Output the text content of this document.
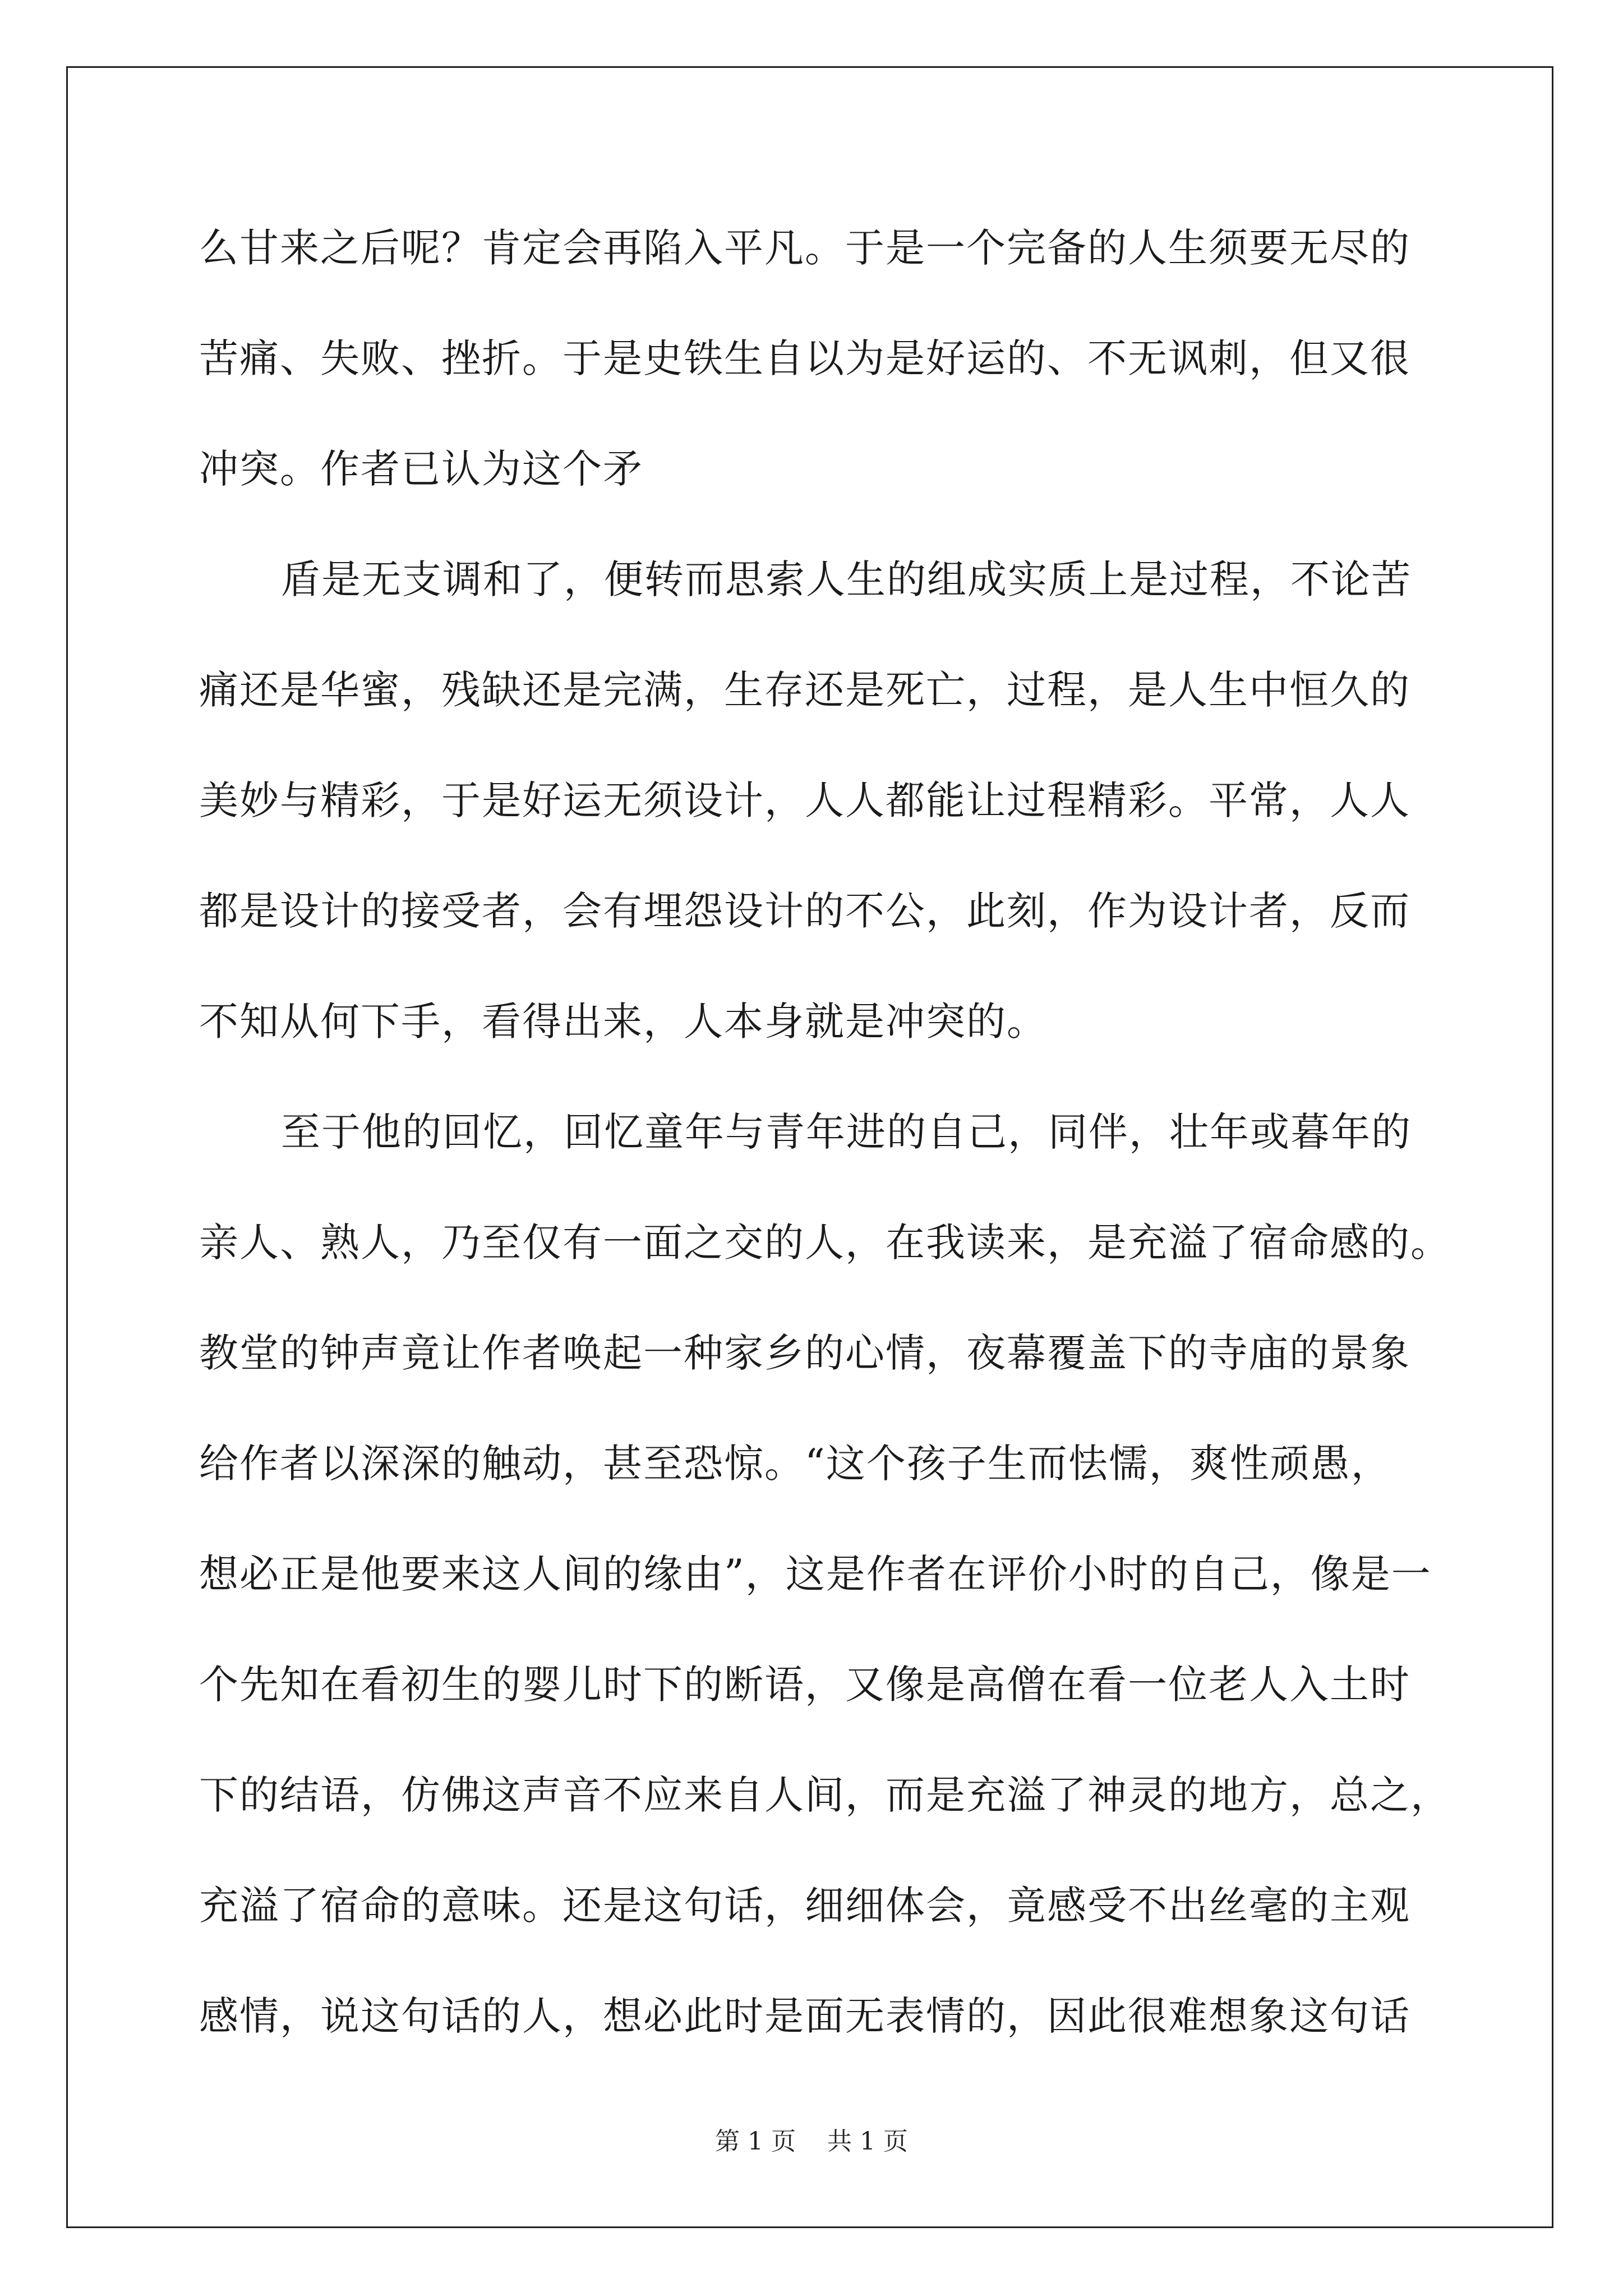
么甘来之后呢？肯定会再陷入平凡。于是一个完备的人生须要无尽的
苦痛、失败、挫折。于是史铁生自以为是好运的、不无讽刺，但又很
冲突。作者已认为这个矛
盾是无支调和了，便转而思索人生的组成实质上是过程，不论苦
痛还是华蜜，残缺还是完满，生存还是死亡，过程，是人生中恒久的
美妙与精彩，于是好运无须设计，人人都能让过程精彩。平常，人人
都是设计的接受者，会有埋怨设计的不公，此刻，作为设计者，反而
不知从何下手，看得出来，人本身就是冲突的。
至于他的回忆，回忆童年与青年进的自己，同伴，壮年或暮年的
亲人、熟人，乃至仅有一面之交的人，在我读来，是充溢了宿命感的。
教堂的钟声竟让作者唤起一种家乡的心情，夜幕覆盖下的寺庙的景象
给作者以深深的触动，甚至恐惊。“这个孩子生而怯懦，爽性顽愚，
想必正是他要来这人间的缘由”，这是作者在评价小时的自己，像是一
个先知在看初生的婴儿时下的断语，又像是高僧在看一位老人入土时
下的结语，仿佛这声音不应来自人间，而是充溢了神灵的地方，总之，
充溢了宿命的意味。还是这句话，细细体会，竟感受不出丝毫的主观
感情，说这句话的人，想必此时是面无表情的，因此很难想象这句话
第 1 页    共 1 页
